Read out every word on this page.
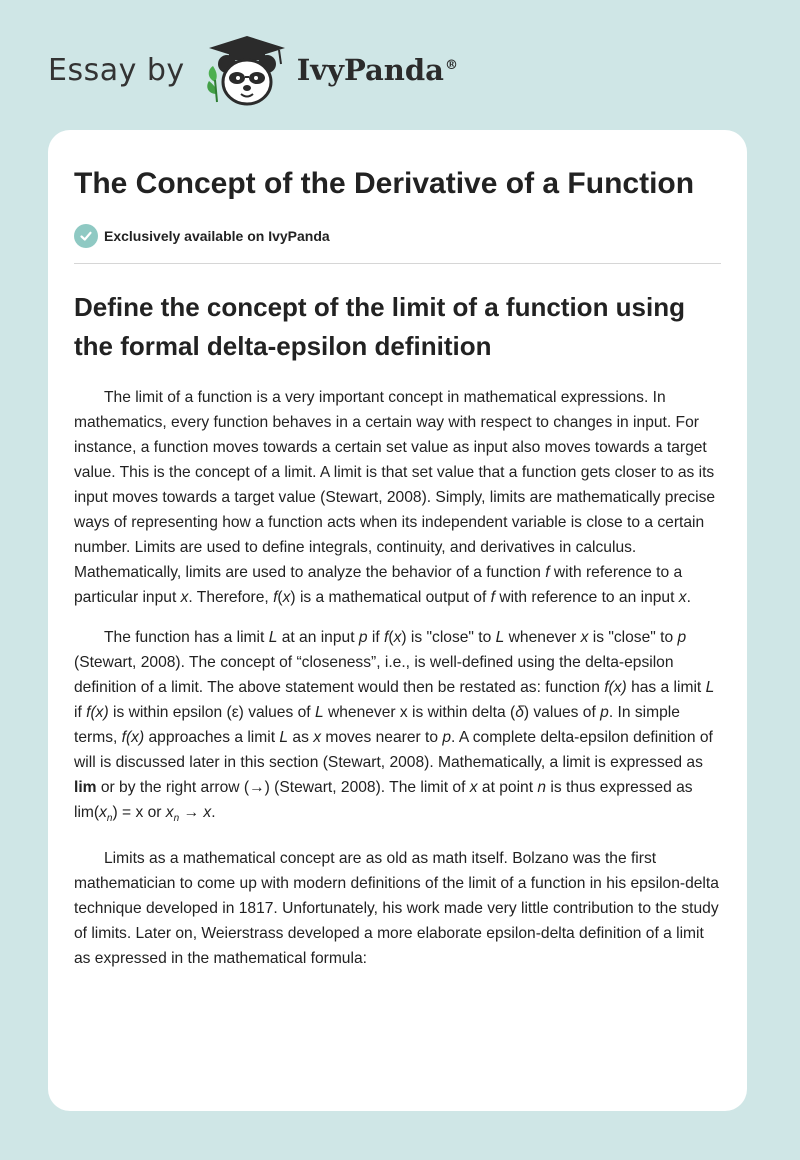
Essay by	IvyPanda®
The Concept of the Derivative of a Function
Exclusively available on IvyPanda
Define the concept of the limit of a function using the formal delta-epsilon definition

The limit of a function is a very important concept in mathematical expressions. In mathematics, every function behaves in a certain way with respect to changes in input. For instance, a function moves towards a certain set value as input also moves towards a target value. This is the concept of a limit. A limit is that set value that a function gets closer to as its input moves towards a target value (Stewart, 2008). Simply, limits are mathematically precise ways of representing how a function acts when its independent variable is close to a certain number. Limits are used to define integrals, continuity, and derivatives in calculus. Mathematically, limits are used to analyze the behavior of a function f with reference to a particular input x. Therefore, f(x) is a mathematical output of f with reference to an input x.

The function has a limit L at an input p if f(x) is "close" to L whenever x is "close" to p (Stewart, 2008). The concept of “closeness”, i.e., is well-defined using the delta-epsilon definition of a limit. The above statement would then be restated as: function f(x) has a limit L if f(x) is within epsilon (ε) values of L whenever x is within delta (δ) values of p. In simple terms, f(x) approaches a limit L as x moves nearer to p. A complete delta-epsilon definition of will is discussed later in this section (Stewart, 2008). Mathematically, a limit is expressed as lim or by the right arrow (→) (Stewart, 2008). The limit of x at point n is thus expressed as $\lim(x_n) = x$ or $x_n \to x$.

Limits as a mathematical concept are as old as math itself. Bolzano was the first mathematician to come up with modern definitions of the limit of a function in his epsilon-delta technique developed in 1817. Unfortunately, his work made very little contribution to the study of limits. Later on, Weierstrass developed a more elaborate epsilon-delta definition of a limit as expressed in the mathematical formula:
